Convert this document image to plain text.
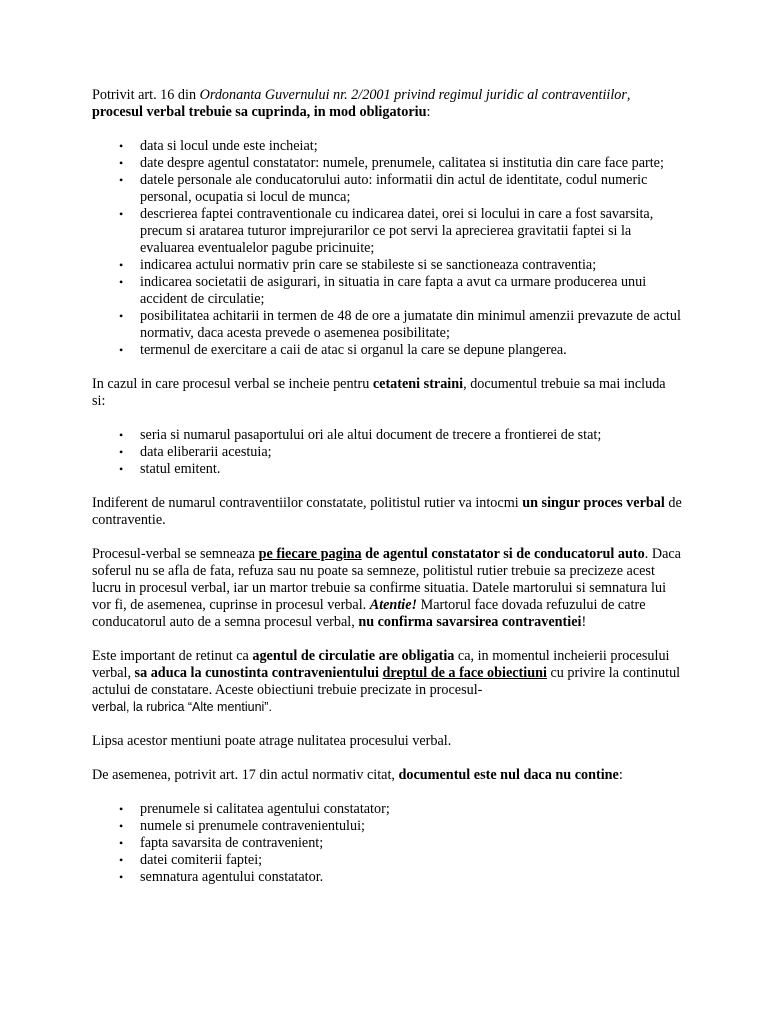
Potrivit art. 16 din Ordonanta Guvernului nr. 2/2001 privind regimul juridic al contraventiilor, procesul verbal trebuie sa cuprinda, in mod obligatoriu:

• data si locul unde este incheiat;
• date despre agentul constatator: numele, prenumele, calitatea si institutia din care face parte;
• datele personale ale conducatorului auto: informatii din actul de identitate, codul numeric personal, ocupatia si locul de munca;
• descrierea faptei contraventionale cu indicarea datei, orei si locului in care a fost savarsita, precum si aratarea tuturor imprejurarilor ce pot servi la aprecierea gravitatii faptei si la evaluarea eventualelor pagube pricinuite;
• indicarea actului normativ prin care se stabileste si se sanctioneaza contraventia;
• indicarea societatii de asigurari, in situatia in care fapta a avut ca urmare producerea unui accident de circulatie;
• posibilitatea achitarii in termen de 48 de ore a jumatate din minimul amenzii prevazute de actul normativ, daca acesta prevede o asemenea posibilitate;
• termenul de exercitare a caii de atac si organul la care se depune plangerea.

In cazul in care procesul verbal se incheie pentru cetateni straini, documentul trebuie sa mai includa si:

• seria si numarul pasaportului ori ale altui document de trecere a frontierei de stat;
• data eliberarii acestuia;
• statul emitent.

Indiferent de numarul contraventiilor constatate, politistul rutier va intocmi un singur proces verbal de contraventie.

Procesul-verbal se semneaza pe fiecare pagina de agentul constatator si de conducatorul auto. Daca soferul nu se afla de fata, refuza sau nu poate sa semneze, politistul rutier trebuie sa precizeze acest lucru in procesul verbal, iar un martor trebuie sa confirme situatia. Datele martorului si semnatura lui vor fi, de asemenea, cuprinse in procesul verbal. Atentie! Martorul face dovada refuzului de catre conducatorul auto de a semna procesul verbal, nu confirma savarsirea contraventiei!

Este important de retinut ca agentul de circulatie are obligatia ca, in momentul incheierii procesului verbal, sa aduca la cunostinta contravenientului dreptul de a face obiectiuni cu privire la continutul actului de constatare. Aceste obiectiuni trebuie precizate in procesul-
verbal, la rubrica “Alte mentiuni”.

Lipsa acestor mentiuni poate atrage nulitatea procesului verbal.

De asemenea, potrivit art. 17 din actul normativ citat, documentul este nul daca nu contine:

• prenumele si calitatea agentului constatator;
• numele si prenumele contravenientului;
• fapta savarsita de contravenient;
• datei comiterii faptei;
• semnatura agentului constatator.
